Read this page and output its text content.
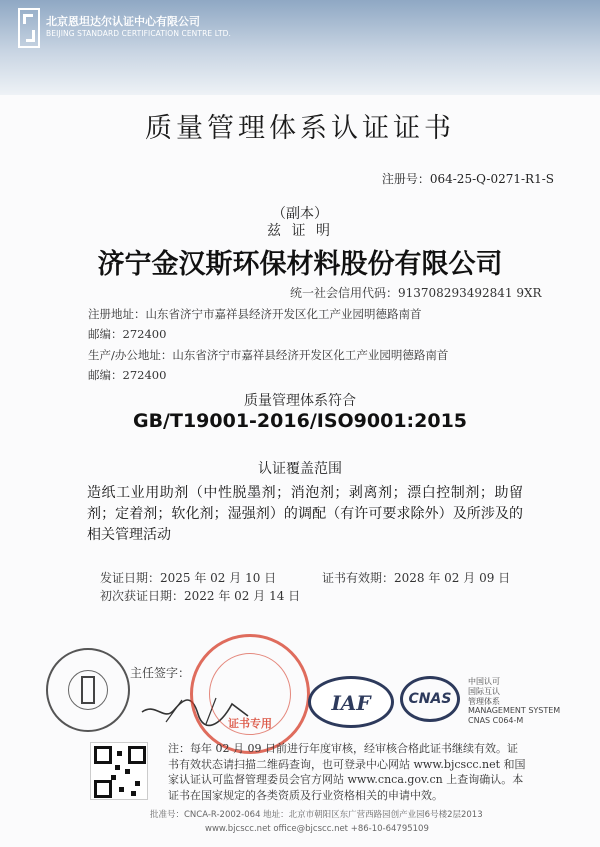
北京恩坦达尔认证中心有限公司
BEIJING STANDARD CERTIFICATION CENTRE LTD.
质量管理体系认证证书
注册号：064-25-Q-0271-R1-S
（副本）
兹 证 明
济宁金汉斯环保材料股份有限公司
统一社会信用代码：913708293492841 9XR
注册地址：山东省济宁市嘉祥县经济开发区化工产业园明德路南首
邮编：272400
生产/办公地址：山东省济宁市嘉祥县经济开发区化工产业园明德路南首
邮编：272400
质量管理体系符合
GB/T19001-2016/ISO9001:2015
认证覆盖范围
造纸工业用助剂（中性脱墨剂；消泡剂；剥离剂；漂白控制剂；助留剂；定着剂；软化剂；湿强剂）的调配（有许可要求除外）及所涉及的相关管理活动
发证日期：2025 年 02 月 10 日	证书有效期：2028 年 02 月 09 日
初次获证日期：2022 年 02 月 14 日
主任签字：
证书专用
IAF	CNAS
中国认可
国际互认
管理体系
MANAGEMENT SYSTEM
CNAS C064-M
注：每年 02 月 09 日前进行年度审核，经审核合格此证书继续有效。证书有效状态请扫描二维码查询，也可登录中心网站 www.bjcscc.net 和国家认证认可监督管理委员会官方网站 www.cnca.gov.cn 上查询确认。本证书在国家规定的各类资质及行业资格相关的申请中效。
批准号：CNCA-R-2002-064 地址：北京市朝阳区东广营西路园创产业园6号楼2层2013
www.bjcscc.net office@bjcscc.net +86-10-64795109
